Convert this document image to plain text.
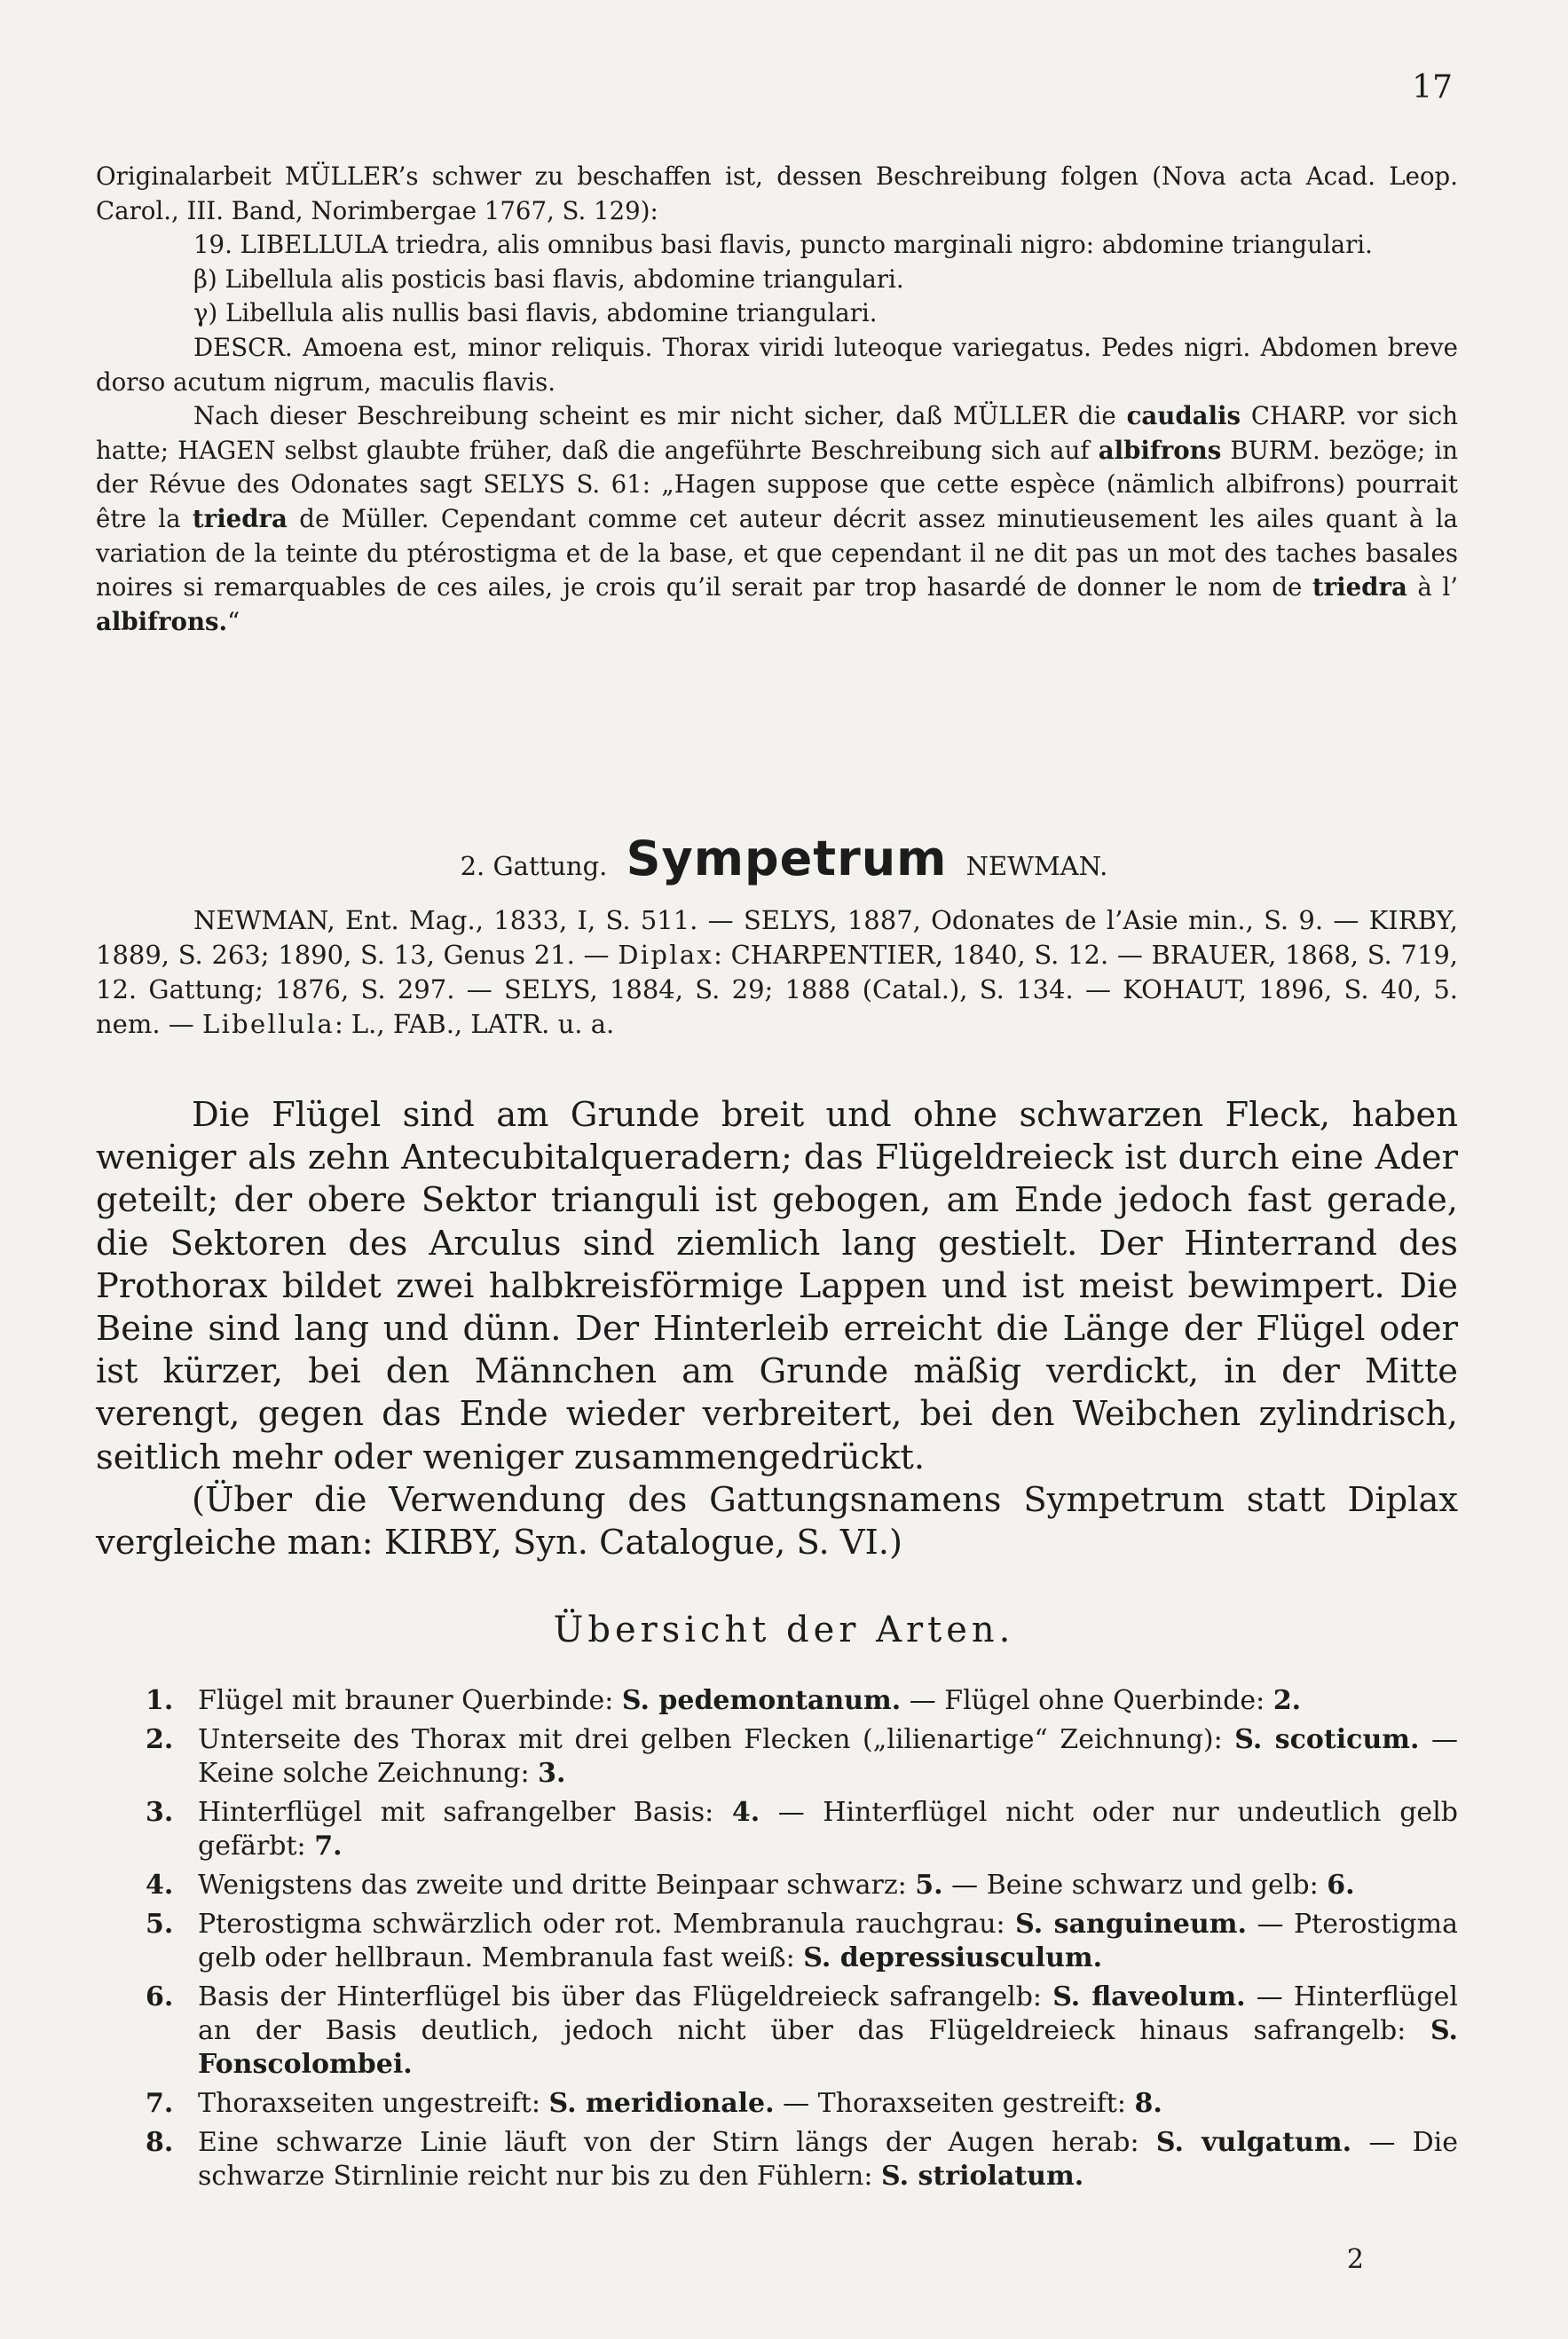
17

Originalarbeit MÜLLER’s schwer zu beschaffen ist, dessen Beschreibung folgen (Nova acta Acad. Leop. Carol., III. Band, Norimbergae 1767, S. 129):

19. LIBELLULA triedra, alis omnibus basi flavis, puncto marginali nigro: abdomine triangulari.

β) Libellula alis posticis basi flavis, abdomine triangulari.

γ) Libellula alis nullis basi flavis, abdomine triangulari.

DESCR. Amoena est, minor reliquis. Thorax viridi luteoque variegatus. Pedes nigri. Abdomen breve dorso acutum nigrum, maculis flavis.

Nach dieser Beschreibung scheint es mir nicht sicher, daß MÜLLER die caudalis CHARP. vor sich hatte; HAGEN selbst glaubte früher, daß die angeführte Beschreibung sich auf albifrons BURM. bezöge; in der Révue des Odonates sagt SELYS S. 61: „Hagen suppose que cette espèce (nämlich albifrons) pourrait être la triedra de Müller. Cependant comme cet auteur décrit assez minutieusement les ailes quant à la variation de la teinte du ptérostigma et de la base, et que cependant il ne dit pas un mot des taches basales noires si remarquables de ces ailes, je crois qu’il serait par trop hasardé de donner le nom de triedra à l’ albifrons.“

2. Gattung. Sympetrum NEWMAN.

NEWMAN, Ent. Mag., 1833, I, S. 511. — SELYS, 1887, Odonates de l’Asie min., S. 9. — KIRBY, 1889, S. 263; 1890, S. 13, Genus 21. — Diplax: CHARPENTIER, 1840, S. 12. — BRAUER, 1868, S. 719, 12. Gattung; 1876, S. 297. — SELYS, 1884, S. 29; 1888 (Catal.), S. 134. — KOHAUT, 1896, S. 40, 5. nem. — Libellula: L., FAB., LATR. u. a.

Die Flügel sind am Grunde breit und ohne schwarzen Fleck, haben weniger als zehn Antecubitalqueradern; das Flügeldreieck ist durch eine Ader geteilt; der obere Sektor trianguli ist gebogen, am Ende jedoch fast gerade, die Sektoren des Arculus sind ziemlich lang gestielt. Der Hinterrand des Prothorax bildet zwei halbkreisförmige Lappen und ist meist bewimpert. Die Beine sind lang und dünn. Der Hinterleib erreicht die Länge der Flügel oder ist kürzer, bei den Männchen am Grunde mäßig verdickt, in der Mitte verengt, gegen das Ende wieder verbreitert, bei den Weibchen zylindrisch, seitlich mehr oder weniger zusammengedrückt.

(Über die Verwendung des Gattungsnamens Sympetrum statt Diplax vergleiche man: KIRBY, Syn. Catalogue, S. VI.)

Übersicht der Arten.
1. Flügel mit brauner Querbinde: S. pedemontanum. — Flügel ohne Querbinde: 2.
2. Unterseite des Thorax mit drei gelben Flecken („lilienartige“ Zeichnung): S. scoticum. — Keine solche Zeichnung: 3.
3. Hinterflügel mit safrangelber Basis: 4. — Hinterflügel nicht oder nur undeutlich gelb gefärbt: 7.
4. Wenigstens das zweite und dritte Beinpaar schwarz: 5. — Beine schwarz und gelb: 6.
5. Pterostigma schwärzlich oder rot. Membranula rauchgrau: S. sanguineum. — Pterostigma gelb oder hellbraun. Membranula fast weiß: S. depressiusculum.
6. Basis der Hinterflügel bis über das Flügeldreieck safrangelb: S. flaveolum. — Hinterflügel an der Basis deutlich, jedoch nicht über das Flügeldreieck hinaus safrangelb: S. Fonscolombei.
7. Thoraxseiten ungestreift: S. meridionale. — Thoraxseiten gestreift: 8.
8. Eine schwarze Linie läuft von der Stirn längs der Augen herab: S. vulgatum. — Die schwarze Stirnlinie reicht nur bis zu den Fühlern: S. striolatum.
2
